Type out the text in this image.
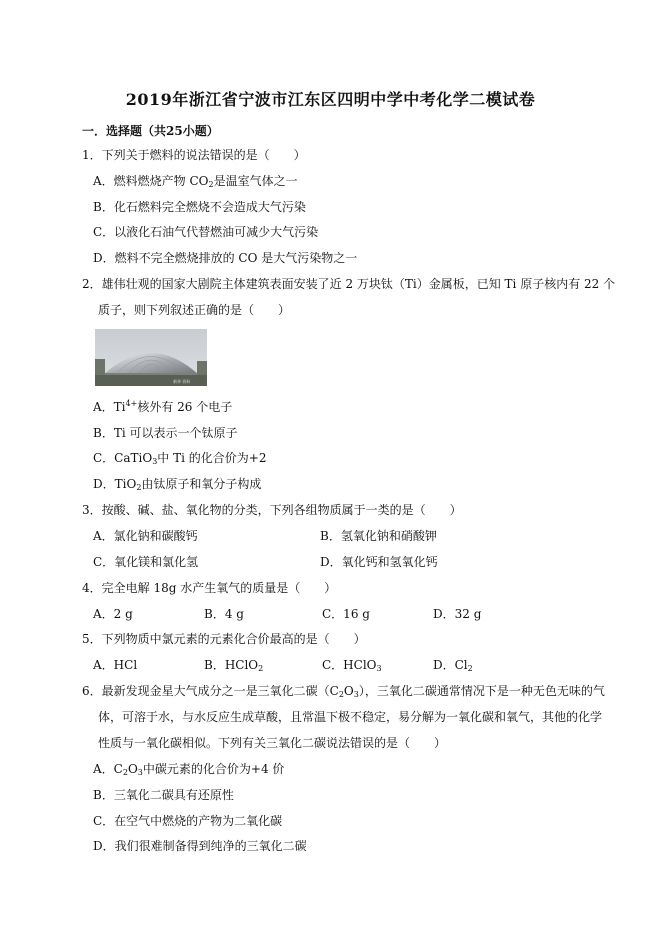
2019年浙江省宁波市江东区四明中学中考化学二模试卷
一．选择题（共25小题）
1．下列关于燃料的说法错误的是（　　）
A．燃料燃烧产物 $CO_2$是温室气体之一
B．化石燃料完全燃烧不会造成大气污染
C．以液化石油气代替燃油可减少大气污染
D．燃料不完全燃烧排放的 CO 是大气污染物之一
2．雄伟壮观的国家大剧院主体建筑表面安装了近 2 万块钛（Ti）金属板，已知 Ti 原子核内有 22 个
质子，则下列叙述正确的是（　　）
新华 资料
A．$Ti^{4+}$核外有 26 个电子
B．Ti 可以表示一个钛原子
C．CaTiO$_3$中 Ti 的化合价为+2
D．TiO$_2$由钛原子和氧分子构成
3．按酸、碱、盐、氧化物的分类，下列各组物质属于一类的是（　　）
A．氯化钠和碳酸钙	B．氢氧化钠和硝酸钾
C．氧化镁和氯化氢	D．氧化钙和氢氧化钙
4．完全电解 18g 水产生氧气的质量是（　　）
A．2 g	B．4 g	C．16 g	D．32 g
5．下列物质中氯元素的元素化合价最高的是（　　）
A．HCl	B．HClO$_2$	C．HClO$_3$	D．$Cl_2$
6．最新发现金星大气成分之一是三氧化二碳$(C_2O_3)$，三氧化二碳通常情况下是一种无色无味的气
体，可溶于水，与水反应生成草酸，且常温下极不稳定，易分解为一氧化碳和氧气，其他的化学
性质与一氧化碳相似。下列有关三氧化二碳说法错误的是（　　）
A．$C_2O_3$中碳元素的化合价为+4 价
B．三氧化二碳具有还原性
C．在空气中燃烧的产物为二氧化碳
D．我们很难制备得到纯净的三氧化二碳
